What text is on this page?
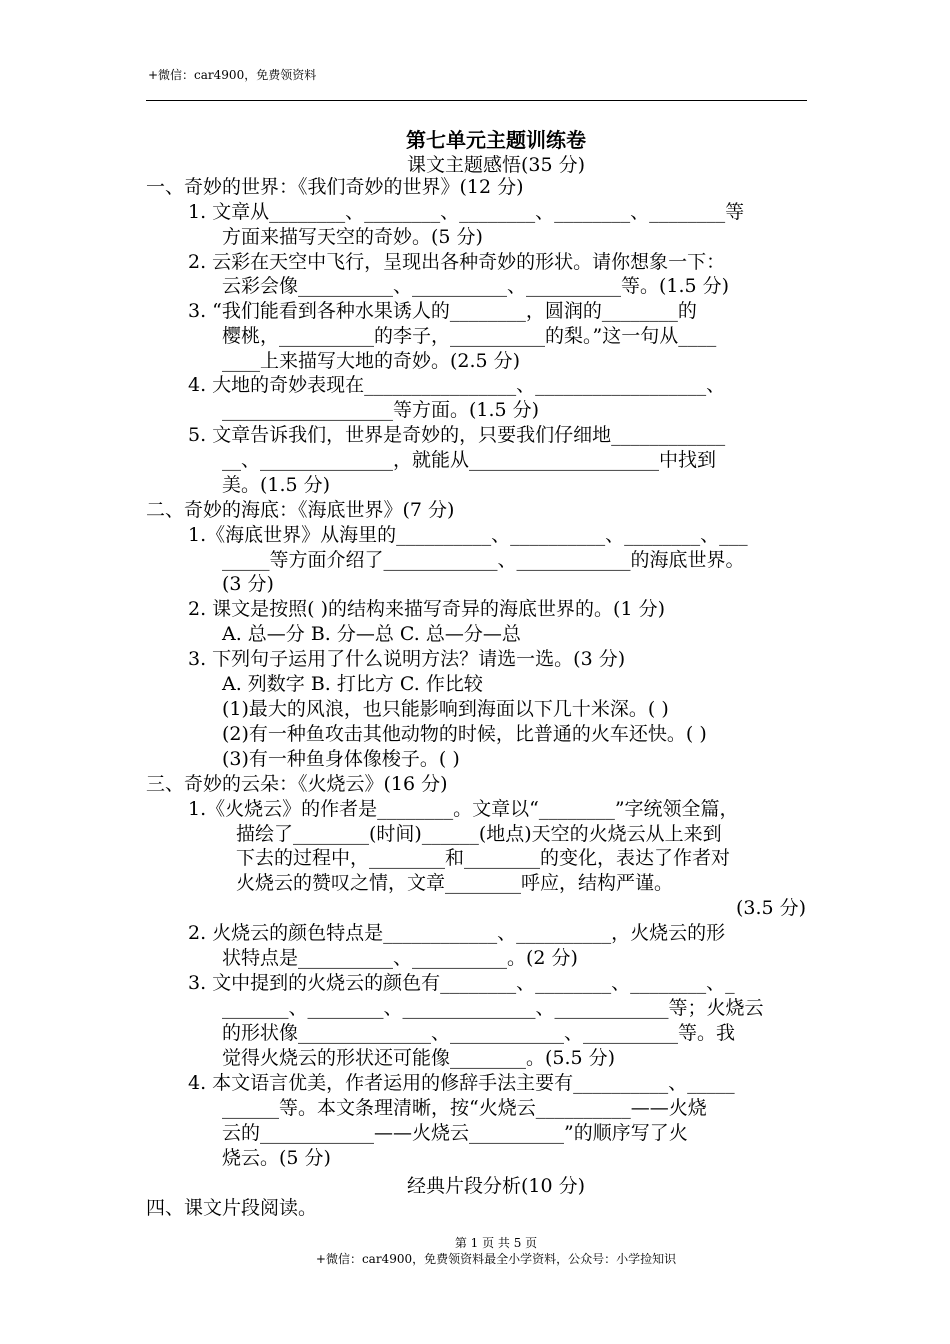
+微信：car4900，免费领资料
第七单元主题训练卷
课文主题感悟(35 分)
一、奇妙的世界：《我们奇妙的世界》(12 分)
1. 文章从________、________、________、________、________等
方面来描写天空的奇妙。(5 分)
2. 云彩在天空中飞行，呈现出各种奇妙的形状。请你想象一下：
云彩会像__________、__________、__________等。(1.5 分)
3. “我们能看到各种水果诱人的________，圆润的________的
樱桃，__________的李子，__________的梨。”这一句从____
____上来描写大地的奇妙。(2.5 分)
4. 大地的奇妙表现在________________、__________________、
__________________等方面。(1.5 分)
5. 文章告诉我们，世界是奇妙的，只要我们仔细地____________
__、______________，就能从____________________中找到
美。(1.5 分)
二、奇妙的海底：《海底世界》(7 分)
1.《海底世界》从海里的__________、__________、________、___
_____等方面介绍了____________、____________的海底世界。
(3 分)
2. 课文是按照( )的结构来描写奇异的海底世界的。(1 分)
A. 总—分 B. 分—总 C. 总—分—总
3. 下列句子运用了什么说明方法？请选一选。(3 分)
A. 列数字 B. 打比方 C. 作比较
(1)最大的风浪，也只能影响到海面以下几十米深。( )
(2)有一种鱼攻击其他动物的时候，比普通的火车还快。( )
(3)有一种鱼身体像梭子。( )
三、奇妙的云朵：《火烧云》(16 分)
1.《火烧云》的作者是________。文章以“________”字统领全篇，
描绘了________(时间)______(地点)天空的火烧云从上来到
下去的过程中，________和________的变化，表达了作者对
火烧云的赞叹之情，文章________呼应，结构严谨。
(3.5 分)
2. 火烧云的颜色特点是____________、__________，火烧云的形
状特点是__________、__________。(2 分)
3. 文中提到的火烧云的颜色有________、________、________、_
_______、________、______________、____________等；火烧云
的形状像______________、____________、__________等。我
觉得火烧云的形状还可能像________。(5.5 分)
4. 本文语言优美，作者运用的修辞手法主要有__________、_____
______等。本文条理清晰，按“火烧云__________——火烧
云的____________——火烧云__________”的顺序写了火
烧云。(5 分)
经典片段分析(10 分)
四、课文片段阅读。
第 1 页 共 5 页
+微信：car4900，免费领资料最全小学资料，公众号：小学捡知识
